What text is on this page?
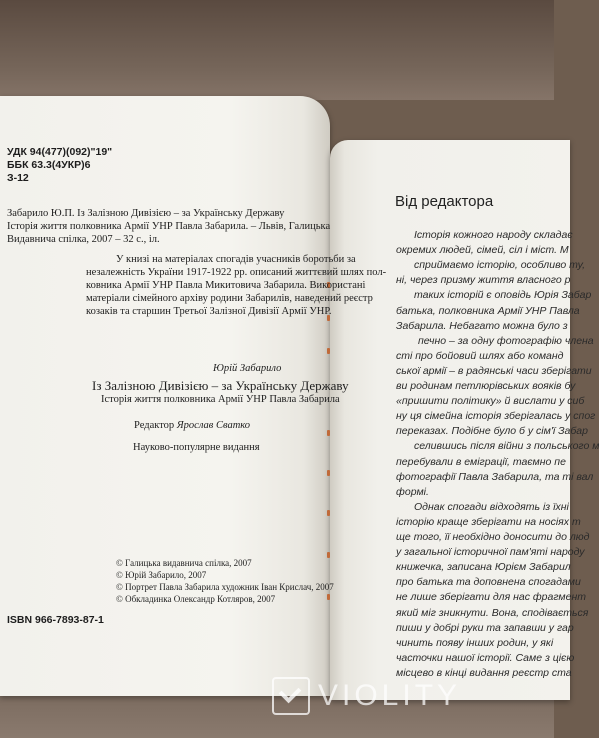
УДК 94(477)(092)"19"
ББК 63.3(4УКР)6
З-12
Забарило Ю.П. Із Залізною Дивізією – за Українську Державу
Історія життя полковника Армії УНР Павла Забарила. – Львів, Галицька
Видавнича спілка, 2007 – 32 с., іл.
У книзі на матеріалах спогадів учасників боротьби за
незалежність України 1917-1922 рр. описаний життєвий шлях пол-
ковника Армії УНР Павла Микитовича Забарила. Використані
матеріали сімейного архіву родини Забарилів, наведений реєстр
козаків та старшин Третьої Залізної Дивізії Армії УНР.
Юрій Забарило
Із Залізною Дивізією – за Українську Державу
Історія життя полковника Армії УНР Павла Забарила
Редактор Ярослав Сватко
Науково-популярне видання
© Галицька видавнича спілка, 2007
© Юрій Забарило, 2007
© Портрет Павла Забарила художник Іван Крислач, 2007
© Обкладинка Олександр Котляров, 2007
ISBN 966-7893-87-1
Від редактора
Історія кожного народу складає
окремих людей, сімей, сіл і міст. М
сприймаємо історію, особливо ту,
ні, через призму життя власного р
таких історій є оповідь Юрія Забар
батька, полковника Армії УНР Павла
Забарила. Небагато можна було з
печно – за одну фотографію члена
сті про бойовий шлях або команд
ської армії – в радянські часи зберігати
ви родинам петлюрівських вояків бу
«пришити політику» й вислати у сиб
ну ця сімейна історія зберігалась у спог
переказах. Подібне було б у сім'ї Забар
селившись після війни з польського м
перебували в еміграції, таємно пе
фотографії Павла Забарила, та ті вал
формі.
Однак спогади відходять із їхні
історію краще зберігати на носіях т
ще того, її необхідно доносити до люд
у загальної історичної пам'яті народу
книжечка, записана Юрієм Забарил
про батька та доповнена спогадами
не лише зберігати для нас фрагмент
який міг зникнути. Вона, сподівається
пиши у добрі руки та запавши у гар
чинить появу інших родин, у які
часточки нашої історії. Саме з цією
місцево в кінці видання реєстр ста
VIOLITY
